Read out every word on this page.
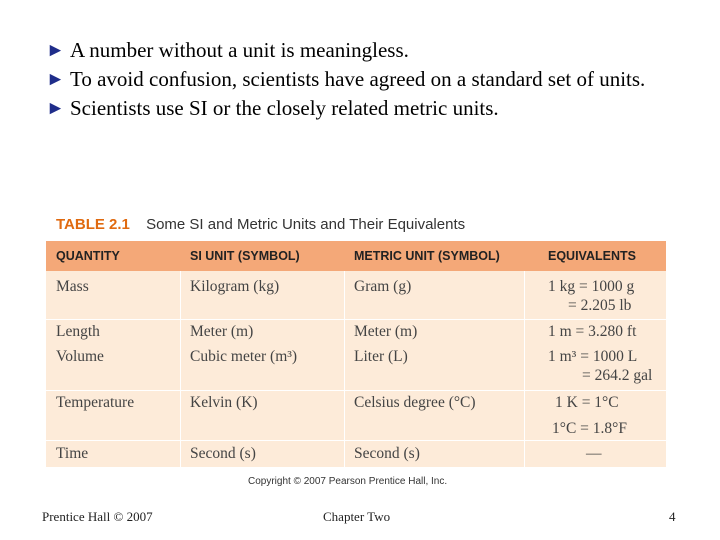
► A number without a unit is meaningless.
► To avoid confusion, scientists have agreed on a standard set of units.
► Scientists use SI or the closely related metric units.
TABLE 2.1 Some SI and Metric Units and Their Equivalents
QUANTITY	SI UNIT (SYMBOL)	METRIC UNIT (SYMBOL)	EQUIVALENTS
Mass	Kilogram (kg)	Gram (g)	1 kg = 1000 g
= 2.205 lb
Length	Meter (m)	Meter (m)	1 m = 3.280 ft
Volume	Cubic meter (m³)	Liter (L)	1 m³ = 1000 L
= 264.2 gal
Temperature	Kelvin (K)	Celsius degree (°C)	1 K = 1°C
1°C = 1.8°F
Time	Second (s)	Second (s)	—
Copyright © 2007 Pearson Prentice Hall, Inc.
Prentice Hall © 2007	Chapter Two	4
